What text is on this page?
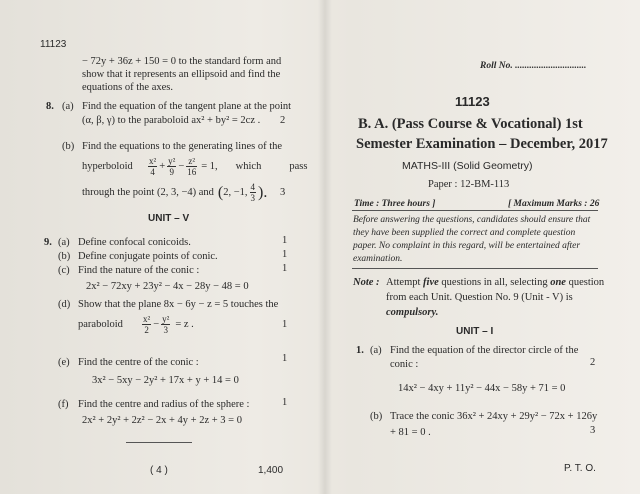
11123
− 72y + 36z + 150 = 0 to the standard form and
show that it represents an ellipsoid and find the
equations of the axes.
8. (a) Find the equation of the tangent plane at the point
(α, β, γ) to the paraboloid ax² + by² = 2cz . 2
(b) Find the equations to the generating lines of the
hyperboloid	$\frac{\text{x²}}{4} + \frac{\text{y²}}{9} - \frac{\text{z²}}{16} = 1$, which	pass
through the point (2, 3, −4) and ( 2, −1, $\frac{4}{3}$ ). 3
UNIT – V
9. (a) Define confocal conicoids.	1
(b) Define conjugate points of conic.	1
(c) Find the nature of the conic :	1
2x² − 72xy + 23y² − 4x − 28y − 48 = 0
(d) Show that the plane 8x − 6y − z = 5 touches the
paraboloid	$\frac{\text{x²}}{2} - \frac{\text{y²}}{3} = z$ .	1
(e) Find the centre of the conic :	1
3x² − 5xy − 2y² + 17x + y + 14 = 0
(f) Find the centre and radius of the sphere :	1
2x² + 2y² + 2z² − 2x + 4y + 2z + 3 = 0
( 4 )	1,400
Roll No. ..............................
11123
B. A. (Pass Course & Vocational) 1st
Semester Examination – December, 2017
MATHS-III (Solid Geometry)
Paper : 12-BM-113
Time : Three hours ]	[ Maximum Marks : 26
Before answering the questions, candidates should ensure that
they have been supplied the correct and complete question
paper. No complaint in this regard, will be entertained after
examination.
Note : Attempt five questions in all, selecting one question
from each Unit. Question No. 9 (Unit - V) is
compulsory.
UNIT – I
1. (a) Find the equation of the director circle of the
conic :	2
14x² − 4xy + 11y² − 44x − 58y + 71 = 0
(b) Trace the conic 36x² + 24xy + 29y² − 72x + 126y
+ 81 = 0 .	3
P. T. O.
